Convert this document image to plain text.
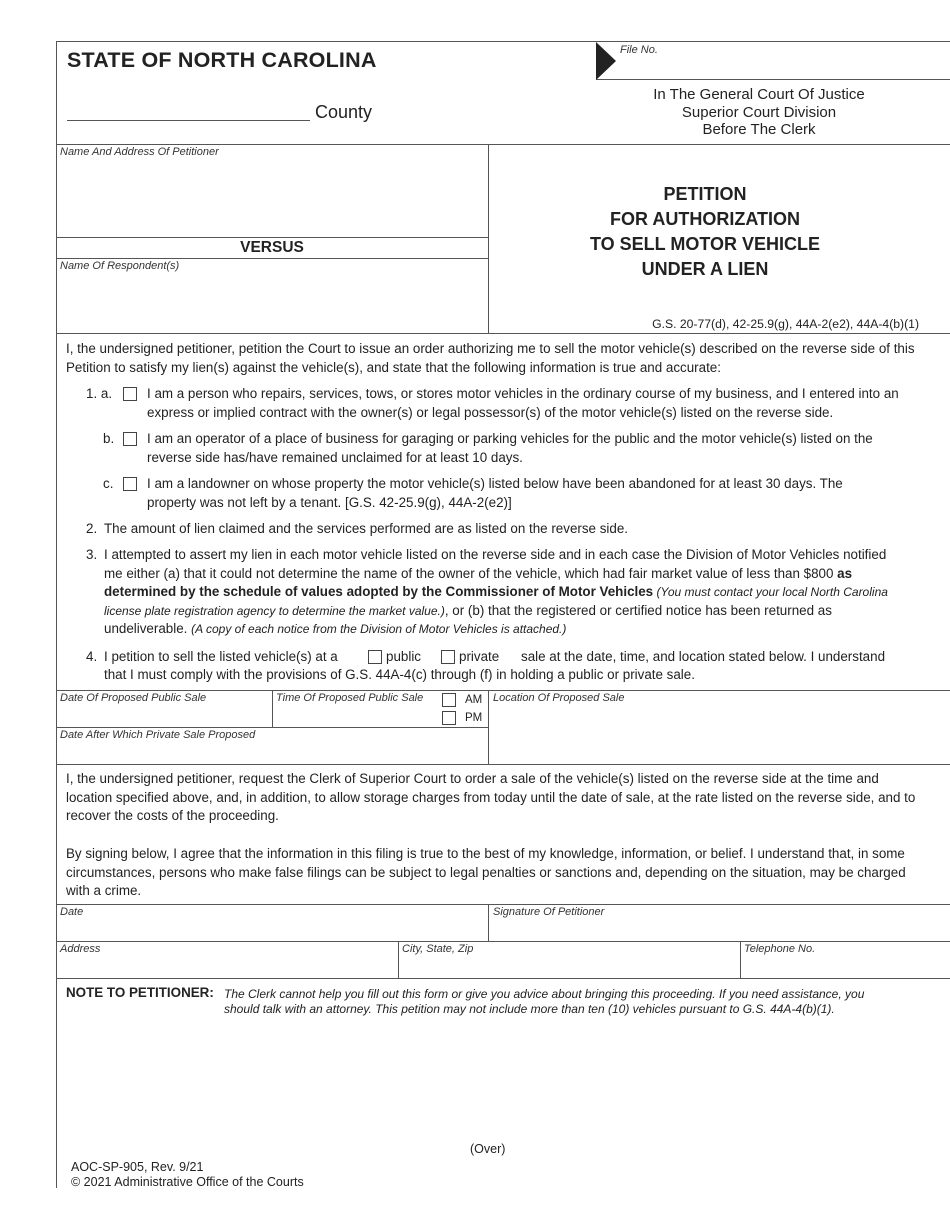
STATE OF NORTH CAROLINA
County
File No.
In The General Court Of Justice
Superior Court Division
Before The Clerk
Name And Address Of Petitioner
VERSUS
Name Of Respondent(s)
PETITION
FOR AUTHORIZATION
TO SELL MOTOR VEHICLE
UNDER A LIEN
G.S. 20-77(d), 42-25.9(g), 44A-2(e2), 44A-4(b)(1)
I, the undersigned petitioner, petition the Court to issue an order authorizing me to sell the motor vehicle(s) described on the reverse side of this Petition to satisfy my lien(s) against the vehicle(s), and state that the following information is true and accurate:
1. a.	I am a person who repairs, services, tows, or stores motor vehicles in the ordinary course of my business, and I entered into an express or implied contract with the owner(s) or legal possessor(s) of the motor vehicle(s) listed on the reverse side.
b. I am an operator of a place of business for garaging or parking vehicles for the public and the motor vehicle(s) listed on the reverse side has/have remained unclaimed for at least 10 days.
c.	I am a landowner on whose property the motor vehicle(s) listed below have been abandoned for at least 30 days. The property was not left by a tenant. [G.S. 42-25.9(g), 44A-2(e2)]
2. The amount of lien claimed and the services performed are as listed on the reverse side.
3. I attempted to assert my lien in each motor vehicle listed on the reverse side and in each case the Division of Motor Vehicles notified me either (a) that it could not determine the name of the owner of the vehicle, which had fair market value of less than $800 as determined by the schedule of values adopted by the Commissioner of Motor Vehicles (You must contact your local North Carolina license plate registration agency to determine the market value.), or (b) that the registered or certified notice has been returned as undeliverable. (A copy of each notice from the Division of Motor Vehicles is attached.)
4. I petition to sell the listed vehicle(s) at a	public	private sale at the date, time, and location stated below. I understand
that I must comply with the provisions of G.S. 44A-4(c) through (f) in holding a public or private sale.
Date Of Proposed Public Sale	Time Of Proposed Public Sale	AM
PM
Location Of Proposed Sale
Date After Which Private Sale Proposed
I, the undersigned petitioner, request the Clerk of Superior Court to order a sale of the vehicle(s) listed on the reverse side at the time and location specified above, and, in addition, to allow storage charges from today until the date of sale, at the rate listed on the reverse side, and to recover the costs of the proceeding.
By signing below, I agree that the information in this filing is true to the best of my knowledge, information, or belief. I understand that, in some circumstances, persons who make false filings can be subject to legal penalties or sanctions and, depending on the situation, may be charged with a crime.
Date	Signature Of Petitioner
Address	City, State, Zip	Telephone No.
NOTE TO PETITIONER: The Clerk cannot help you fill out this form or give you advice about bringing this proceeding. If you need assistance, you
should talk with an attorney. This petition may not include more than ten (10) vehicles pursuant to G.S. 44A-4(b)(1).
(Over)
AOC-SP-905, Rev. 9/21
© 2021 Administrative Office of the Courts
